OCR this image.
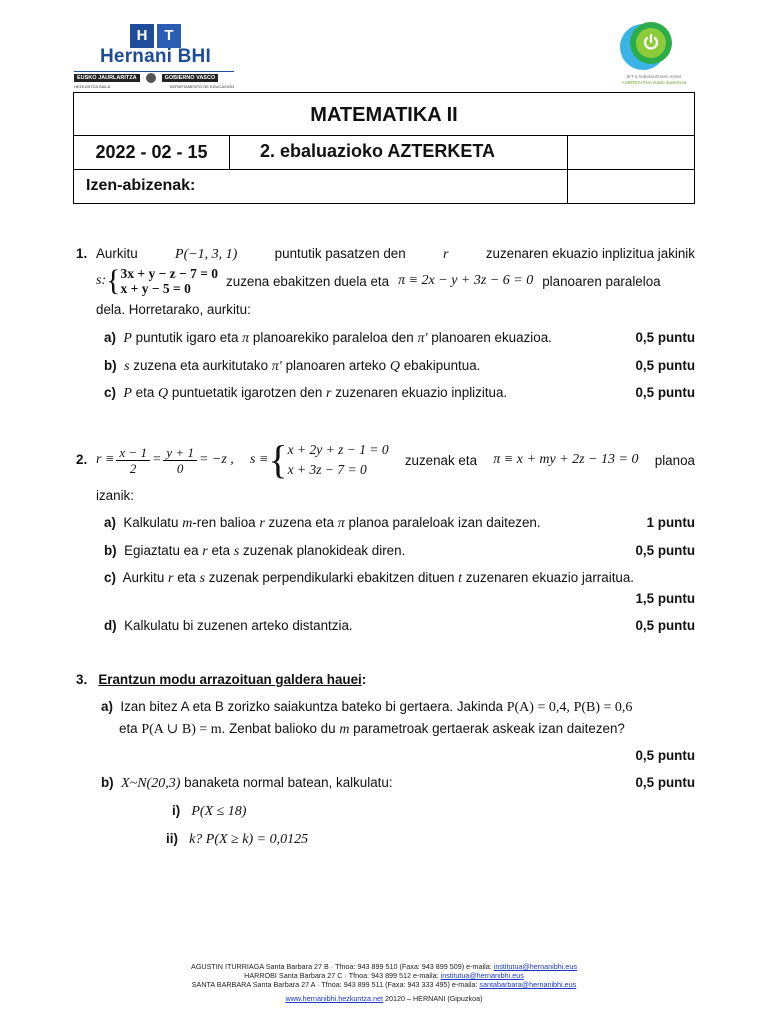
H	T
Hernani BHI
EUSKO JAURLARITZA	GOBIERNO VASCO
HEZKUNTZA SAILA	DEPARTAMENTO DE EDUCACIÓN
IKT-a hobekuntzaren motor
AURREKATUA Ikasle ikastetxea
MATEMATIKA II
2022 - 02 - 15	2. ebaluazioko AZTERKETA
Izen-abizenak:
1. Aurkitu	P(−1, 3, 1)	puntutik pasatzen den	r	zuzenaren ekuazio inplizitua jakinik
s: { 3x + y − z − 7 = 0
x + y − 5 = 0	zuzena ebakitzen duela eta π ≡ 2x − y + 3z − 6 = 0 planoaren paraleloa
dela. Horretarako, aurkitu:
a) P puntutik igaro eta π planoarekiko paraleloa den π′ planoaren ekuazioa.	0,5 puntu
b) s zuzena eta aurkitutako π′ planoaren arteko Q ebakipuntua.	0,5 puntu
c) P eta Q puntuetatik igarotzen den r zuzenaren ekuazio inplizitua.	0,5 puntu
2. $r \equiv \frac{x - 1}{2} = \frac{y + 1}{0} = -z$ , s ≡ { x + 2y + z − 1 = 0
x + 3z − 7 = 0
zuzenak eta π ≡ x + my + 2z − 13 = 0 planoa
izanik:
a) Kalkulatu m-ren balioa r zuzena eta π planoa paraleloak izan daitezen.	1 puntu
b) Egiaztatu ea r eta s zuzenak planokideak diren.	0,5 puntu
c) Aurkitu r eta s zuzenak perpendikularki ebakitzen dituen t zuzenaren ekuazio jarraitua.
1,5 puntu
d) Kalkulatu bi zuzenen arteko distantzia.	0,5 puntu
3. Erantzun modu arrazoituan galdera hauei:
a) Izan bitez A eta B zorizko saiakuntza bateko bi gertaera. Jakinda P(A) = 0,4, P(B) = 0,6
eta P(A ∪ B) = m. Zenbat balioko du m parametroak gertaerak askeak izan daitezen?
0,5 puntu
b) X~N(20,3) banaketa normal batean, kalkulatu:	0,5 puntu
i) P(X ≤ 18)
ii) k? P(X ≥ k) = 0,0125
AGUSTIN ITURRIAGA Santa Barbara 27 B · Tfnoa: 943 899 510 (Faxa: 943 899 509) e-maila: institutua@hernanibhi.eus
HARROBI Santa Barbara 27 C · Tfnoa: 943 899 512 e-maila: institutua@hernanibhi.eus
SANTA BARBARA Santa Barbara 27 A · Tfnoa: 943 899 511 (Faxa: 943 333 495) e-maila: santabarbara@hernanibhi.eus
www.hernanibhi.hezkuntza.net 20120 – HERNANI (Gipuzkoa)
